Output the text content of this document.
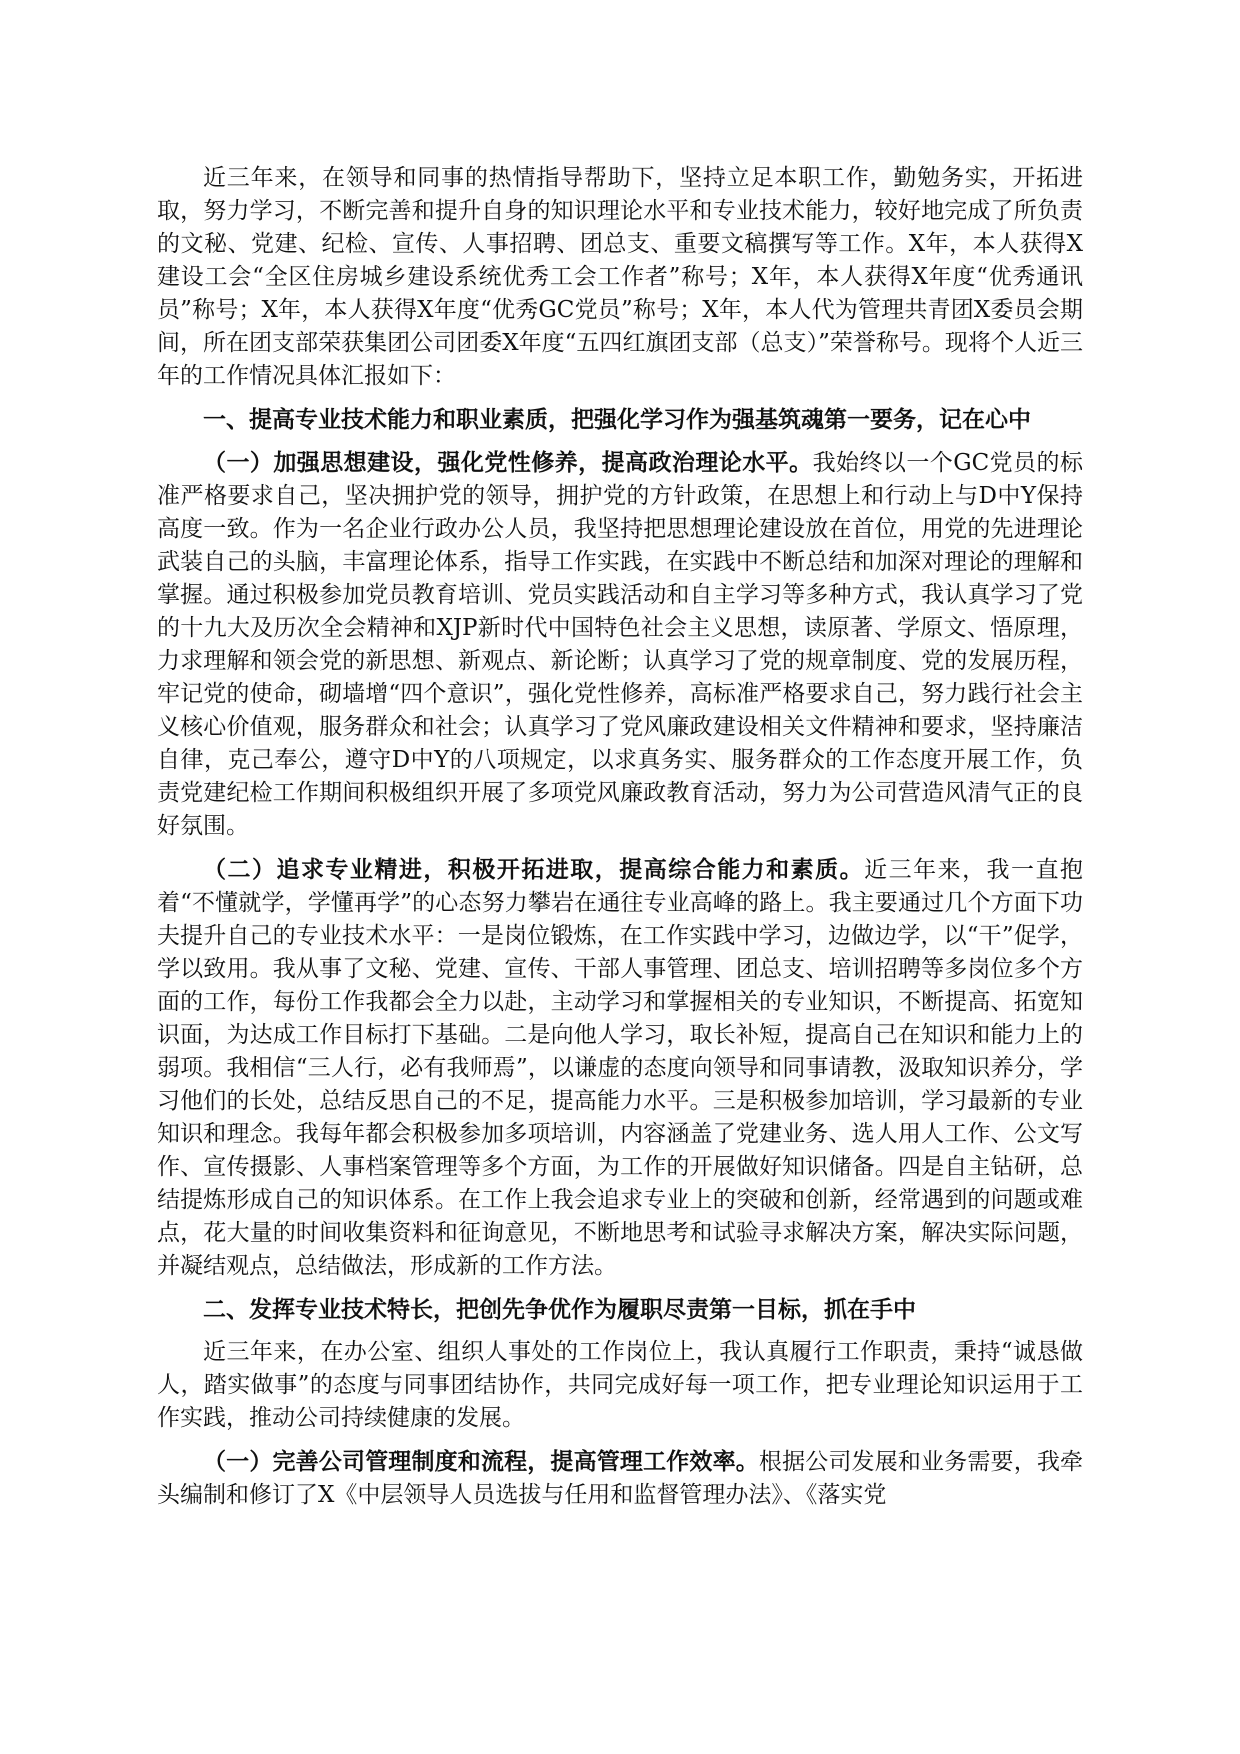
近三年来，在领导和同事的热情指导帮助下，坚持立足本职工作，勤勉务实，开拓进取，努力学习，不断完善和提升自身的知识理论水平和专业技术能力，较好地完成了所负责的文秘、党建、纪检、宣传、人事招聘、团总支、重要文稿撰写等工作。X年，本人获得X建设工会“全区住房城乡建设系统优秀工会工作者”称号；X年，本人获得X年度“优秀通讯员”称号；X年，本人获得X年度“优秀GC党员”称号；X年，本人代为管理共青团X委员会期间，所在团支部荣获集团公司团委X年度“五四红旗团支部（总支）”荣誉称号。现将个人近三年的工作情况具体汇报如下：

一、提高专业技术能力和职业素质，把强化学习作为强基筑魂第一要务，记在心中

（一）加强思想建设，强化党性修养，提高政治理论水平。我始终以一个GC党员的标准严格要求自己，坚决拥护党的领导，拥护党的方针政策，在思想上和行动上与D中Y保持高度一致。作为一名企业行政办公人员，我坚持把思想理论建设放在首位，用党的先进理论武装自己的头脑，丰富理论体系，指导工作实践，在实践中不断总结和加深对理论的理解和掌握。通过积极参加党员教育培训、党员实践活动和自主学习等多种方式，我认真学习了党的十九大及历次全会精神和XJP新时代中国特色社会主义思想，读原著、学原文、悟原理，力求理解和领会党的新思想、新观点、新论断；认真学习了党的规章制度、党的发展历程，牢记党的使命，砌墙增“四个意识”，强化党性修养，高标准严格要求自己，努力践行社会主义核心价值观，服务群众和社会；认真学习了党风廉政建设相关文件精神和要求，坚持廉洁自律，克己奉公，遵守D中Y的八项规定，以求真务实、服务群众的工作态度开展工作，负责党建纪检工作期间积极组织开展了多项党风廉政教育活动，努力为公司营造风清气正的良好氛围。

（二）追求专业精进，积极开拓进取，提高综合能力和素质。近三年来，我一直抱着“不懂就学，学懂再学”的心态努力攀岩在通往专业高峰的路上。我主要通过几个方面下功夫提升自己的专业技术水平：一是岗位锻炼，在工作实践中学习，边做边学，以“干”促学，学以致用。我从事了文秘、党建、宣传、干部人事管理、团总支、培训招聘等多岗位多个方面的工作，每份工作我都会全力以赴，主动学习和掌握相关的专业知识，不断提高、拓宽知识面，为达成工作目标打下基础。二是向他人学习，取长补短，提高自己在知识和能力上的弱项。我相信“三人行，必有我师焉”，以谦虚的态度向领导和同事请教，汲取知识养分，学习他们的长处，总结反思自己的不足，提高能力水平。三是积极参加培训，学习最新的专业知识和理念。我每年都会积极参加多项培训，内容涵盖了党建业务、选人用人工作、公文写作、宣传摄影、人事档案管理等多个方面，为工作的开展做好知识储备。四是自主钻研，总结提炼形成自己的知识体系。在工作上我会追求专业上的突破和创新，经常遇到的问题或难点，花大量的时间收集资料和征询意见，不断地思考和试验寻求解决方案，解决实际问题，并凝结观点，总结做法，形成新的工作方法。

二、发挥专业技术特长，把创先争优作为履职尽责第一目标，抓在手中

近三年来，在办公室、组织人事处的工作岗位上，我认真履行工作职责，秉持“诚恳做人，踏实做事”的态度与同事团结协作，共同完成好每一项工作，把专业理论知识运用于工作实践，推动公司持续健康的发展。

（一）完善公司管理制度和流程，提高管理工作效率。根据公司发展和业务需要，我牵头编制和修订了X《中层领导人员选拔与任用和监督管理办法》、《落实党
